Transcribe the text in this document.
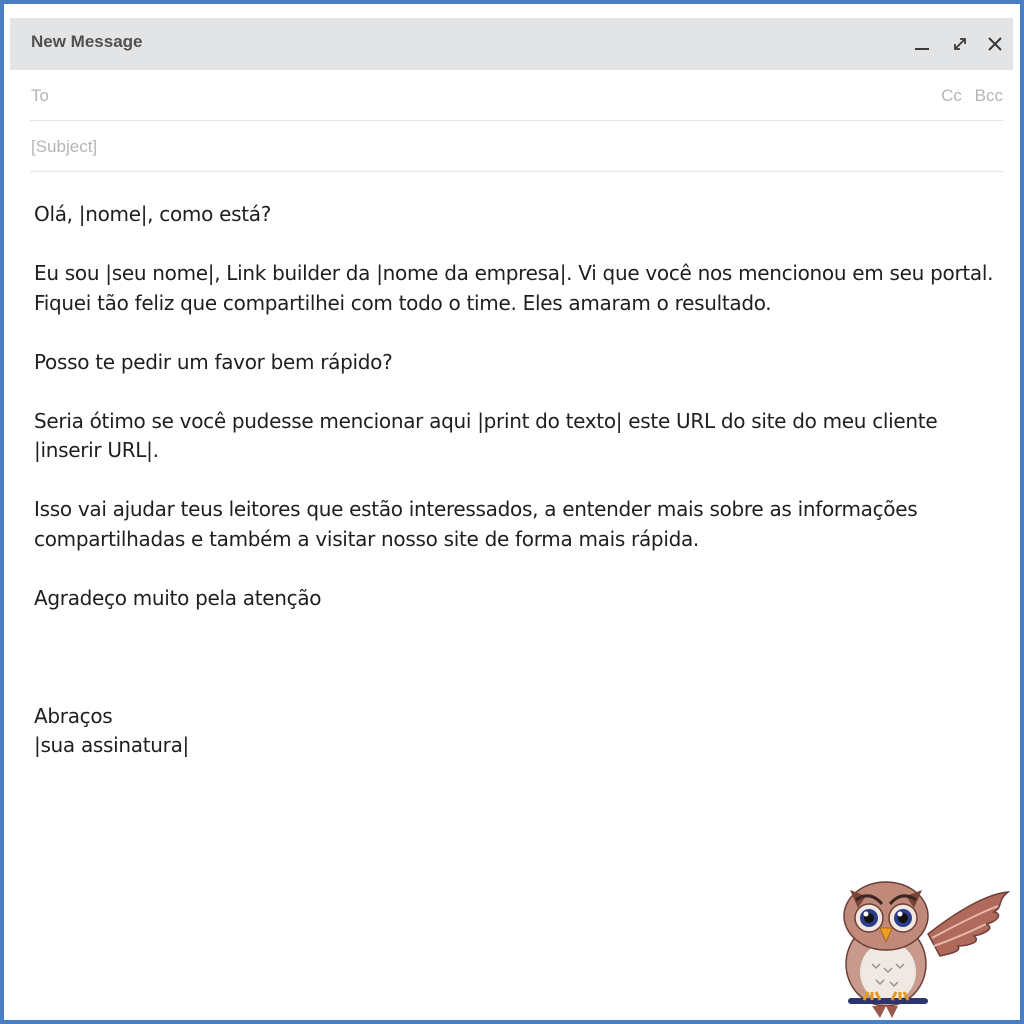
New Message
To	Cc Bcc
[Subject]

Olá, |nome|, como está?

Eu sou |seu nome|, Link builder da |nome da empresa|. Vi que você nos mencionou em seu portal. Fiquei tão feliz que compartilhei com todo o time. Eles amaram o resultado.

Posso te pedir um favor bem rápido?

Seria ótimo se você pudesse mencionar aqui |print do texto| este URL do site do meu cliente |inserir URL|.

Isso vai ajudar teus leitores que estão interessados, a entender mais sobre as informações compartilhadas e também a visitar nosso site de forma mais rápida.

Agradeço muito pela atenção

Abraços

|sua assinatura|
